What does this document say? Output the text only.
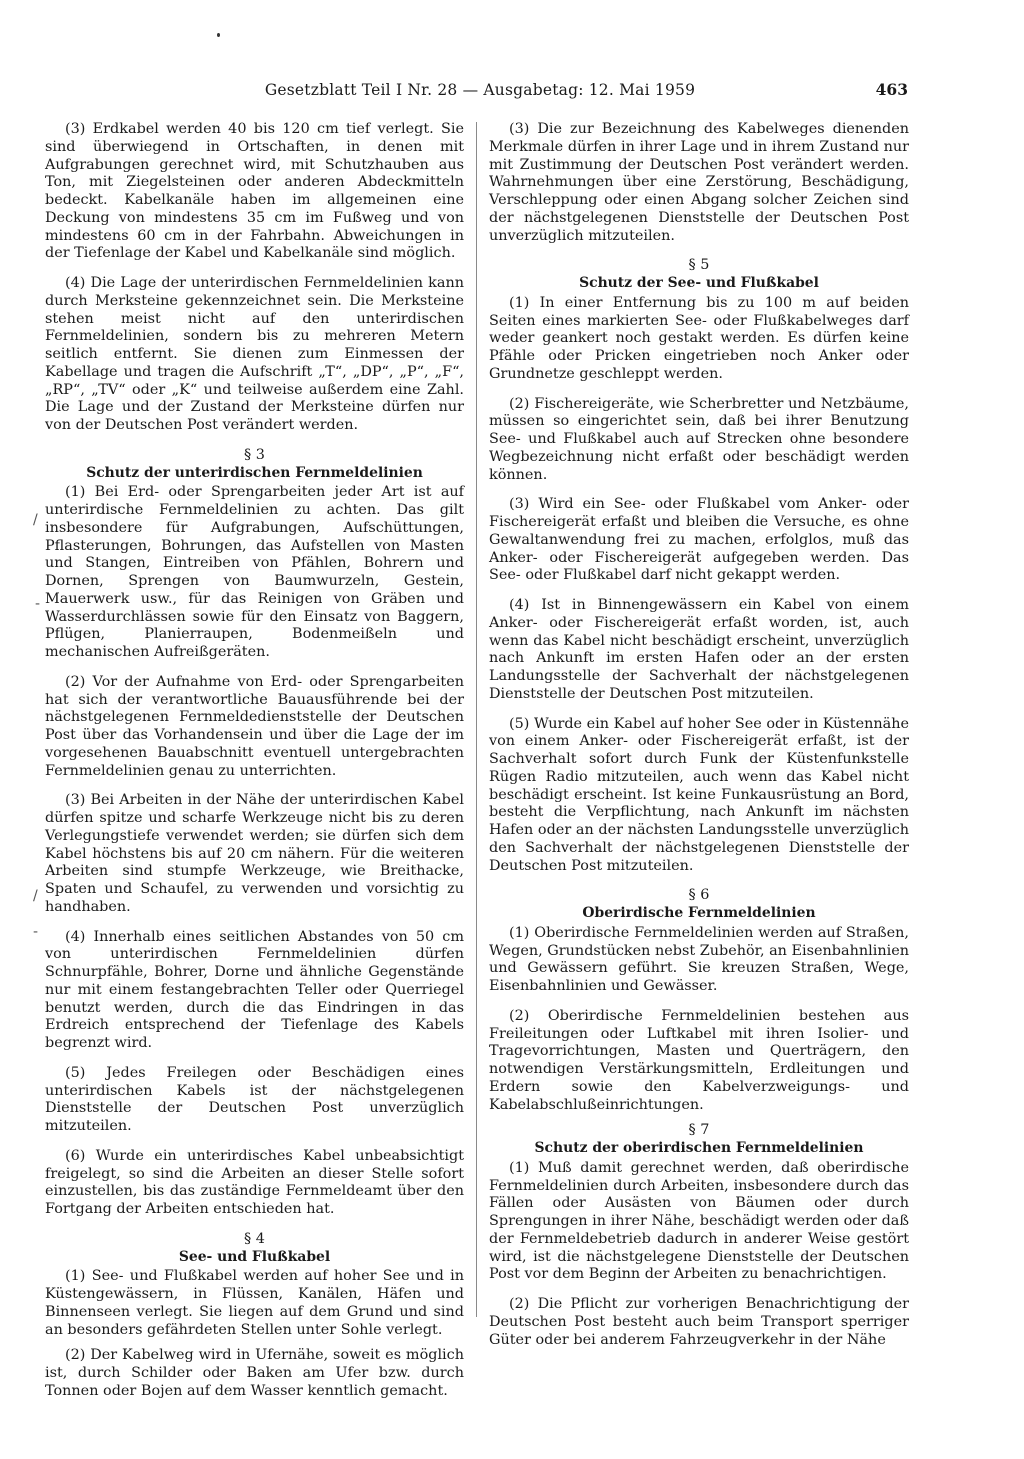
Gesetzblatt Teil I Nr. 28 — Ausgabetag: 12. Mai 1959	463
/
-
/
-

(3) Erdkabel werden 40 bis 120 cm tief verlegt. Sie sind überwiegend in Ortschaften, in denen mit Aufgrabungen gerechnet wird, mit Schutzhauben aus Ton, mit Ziegelsteinen oder anderen Abdeckmitteln bedeckt. Kabelkanäle haben im allgemeinen eine Deckung von mindestens 35 cm im Fußweg und von mindestens 60 cm in der Fahrbahn. Abweichungen in der Tiefenlage der Kabel und Kabelkanäle sind möglich.

(4) Die Lage der unterirdischen Fernmeldelinien kann durch Merksteine gekennzeichnet sein. Die Merksteine stehen meist nicht auf den unterirdischen Fernmeldelinien, sondern bis zu mehreren Metern seitlich entfernt. Sie dienen zum Einmessen der Kabellage und tragen die Aufschrift „T“, „DP“, „P“, „F“, „RP“, „TV“ oder „K“ und teilweise außerdem eine Zahl. Die Lage und der Zustand der Merksteine dürfen nur von der Deutschen Post verändert werden.

§ 3
Schutz der unterirdischen Fernmeldelinien

(1) Bei Erd- oder Sprengarbeiten jeder Art ist auf unterirdische Fernmeldelinien zu achten. Das gilt insbesondere für Aufgrabungen, Aufschüttungen, Pflasterungen, Bohrungen, das Aufstellen von Masten und Stangen, Eintreiben von Pfählen, Bohrern und Dornen, Sprengen von Baumwurzeln, Gestein, Mauerwerk usw., für das Reinigen von Gräben und Wasserdurchlässen sowie für den Einsatz von Baggern, Pflügen, Planierraupen, Bodenmeißeln und mechanischen Aufreißgeräten.

(2) Vor der Aufnahme von Erd- oder Sprengarbeiten hat sich der verantwortliche Bauausführende bei der nächstgelegenen Fernmeldedienststelle der Deutschen Post über das Vorhandensein und über die Lage der im vorgesehenen Bauabschnitt eventuell untergebrachten Fernmeldelinien genau zu unterrichten.

(3) Bei Arbeiten in der Nähe der unterirdischen Kabel dürfen spitze und scharfe Werkzeuge nicht bis zu deren Verlegungstiefe verwendet werden; sie dürfen sich dem Kabel höchstens bis auf 20 cm nähern. Für die weiteren Arbeiten sind stumpfe Werkzeuge, wie Breithacke, Spaten und Schaufel, zu verwenden und vorsichtig zu handhaben.

(4) Innerhalb eines seitlichen Abstandes von 50 cm von unterirdischen Fernmeldelinien dürfen Schnurpfähle, Bohrer, Dorne und ähnliche Gegenstände nur mit einem festangebrachten Teller oder Querriegel benutzt werden, durch die das Eindringen in das Erdreich entsprechend der Tiefenlage des Kabels begrenzt wird.

(5) Jedes Freilegen oder Beschädigen eines unterirdischen Kabels ist der nächstgelegenen Dienststelle der Deutschen Post unverzüglich mitzuteilen.

(6) Wurde ein unterirdisches Kabel unbeabsichtigt freigelegt, so sind die Arbeiten an dieser Stelle sofort einzustellen, bis das zuständige Fernmeldeamt über den Fortgang der Arbeiten entschieden hat.

§ 4
See- und Flußkabel

(1) See- und Flußkabel werden auf hoher See und in Küstengewässern, in Flüssen, Kanälen, Häfen und Binnenseen verlegt. Sie liegen auf dem Grund und sind an besonders gefährdeten Stellen unter Sohle verlegt.

(2) Der Kabelweg wird in Ufernähe, soweit es möglich ist, durch Schilder oder Baken am Ufer bzw. durch Tonnen oder Bojen auf dem Wasser kenntlich gemacht.

(3) Die zur Bezeichnung des Kabelweges dienenden Merkmale dürfen in ihrer Lage und in ihrem Zustand nur mit Zustimmung der Deutschen Post verändert werden. Wahrnehmungen über eine Zerstörung, Beschädigung, Verschleppung oder einen Abgang solcher Zeichen sind der nächstgelegenen Dienststelle der Deutschen Post unverzüglich mitzuteilen.

§ 5
Schutz der See- und Flußkabel

(1) In einer Entfernung bis zu 100 m auf beiden Seiten eines markierten See- oder Flußkabelweges darf weder geankert noch gestakt werden. Es dürfen keine Pfähle oder Pricken eingetrieben noch Anker oder Grundnetze geschleppt werden.

(2) Fischereigeräte, wie Scherbretter und Netzbäume, müssen so eingerichtet sein, daß bei ihrer Benutzung See- und Flußkabel auch auf Strecken ohne besondere Wegbezeichnung nicht erfaßt oder beschädigt werden können.

(3) Wird ein See- oder Flußkabel vom Anker- oder Fischereigerät erfaßt und bleiben die Versuche, es ohne Gewaltanwendung frei zu machen, erfolglos, muß das Anker- oder Fischereigerät aufgegeben werden. Das See- oder Flußkabel darf nicht gekappt werden.

(4) Ist in Binnengewässern ein Kabel von einem Anker- oder Fischereigerät erfaßt worden, ist, auch wenn das Kabel nicht beschädigt erscheint, unverzüglich nach Ankunft im ersten Hafen oder an der ersten Landungsstelle der Sachverhalt der nächstgelegenen Dienststelle der Deutschen Post mitzuteilen.

(5) Wurde ein Kabel auf hoher See oder in Küstennähe von einem Anker- oder Fischereigerät erfaßt, ist der Sachverhalt sofort durch Funk der Küstenfunkstelle Rügen Radio mitzuteilen, auch wenn das Kabel nicht beschädigt erscheint. Ist keine Funkausrüstung an Bord, besteht die Verpflichtung, nach Ankunft im nächsten Hafen oder an der nächsten Landungsstelle unverzüglich den Sachverhalt der nächstgelegenen Dienststelle der Deutschen Post mitzuteilen.

§ 6
Oberirdische Fernmeldelinien

(1) Oberirdische Fernmeldelinien werden auf Straßen, Wegen, Grundstücken nebst Zubehör, an Eisenbahnlinien und Gewässern geführt. Sie kreuzen Straßen, Wege, Eisenbahnlinien und Gewässer.

(2) Oberirdische Fernmeldelinien bestehen aus Freileitungen oder Luftkabel mit ihren Isolier- und Tragevorrichtungen, Masten und Querträgern, den notwendigen Verstärkungsmitteln, Erdleitungen und Erdern sowie den Kabelverzweigungs- und Kabelabschlußeinrichtungen.

§ 7
Schutz der oberirdischen Fernmeldelinien

(1) Muß damit gerechnet werden, daß oberirdische Fernmeldelinien durch Arbeiten, insbesondere durch das Fällen oder Ausästen von Bäumen oder durch Sprengungen in ihrer Nähe, beschädigt werden oder daß der Fernmeldebetrieb dadurch in anderer Weise gestört wird, ist die nächstgelegene Dienststelle der Deutschen Post vor dem Beginn der Arbeiten zu benachrichtigen.

(2) Die Pflicht zur vorherigen Benachrichtigung der Deutschen Post besteht auch beim Transport sperriger Güter oder bei anderem Fahrzeugverkehr in der Nähe
